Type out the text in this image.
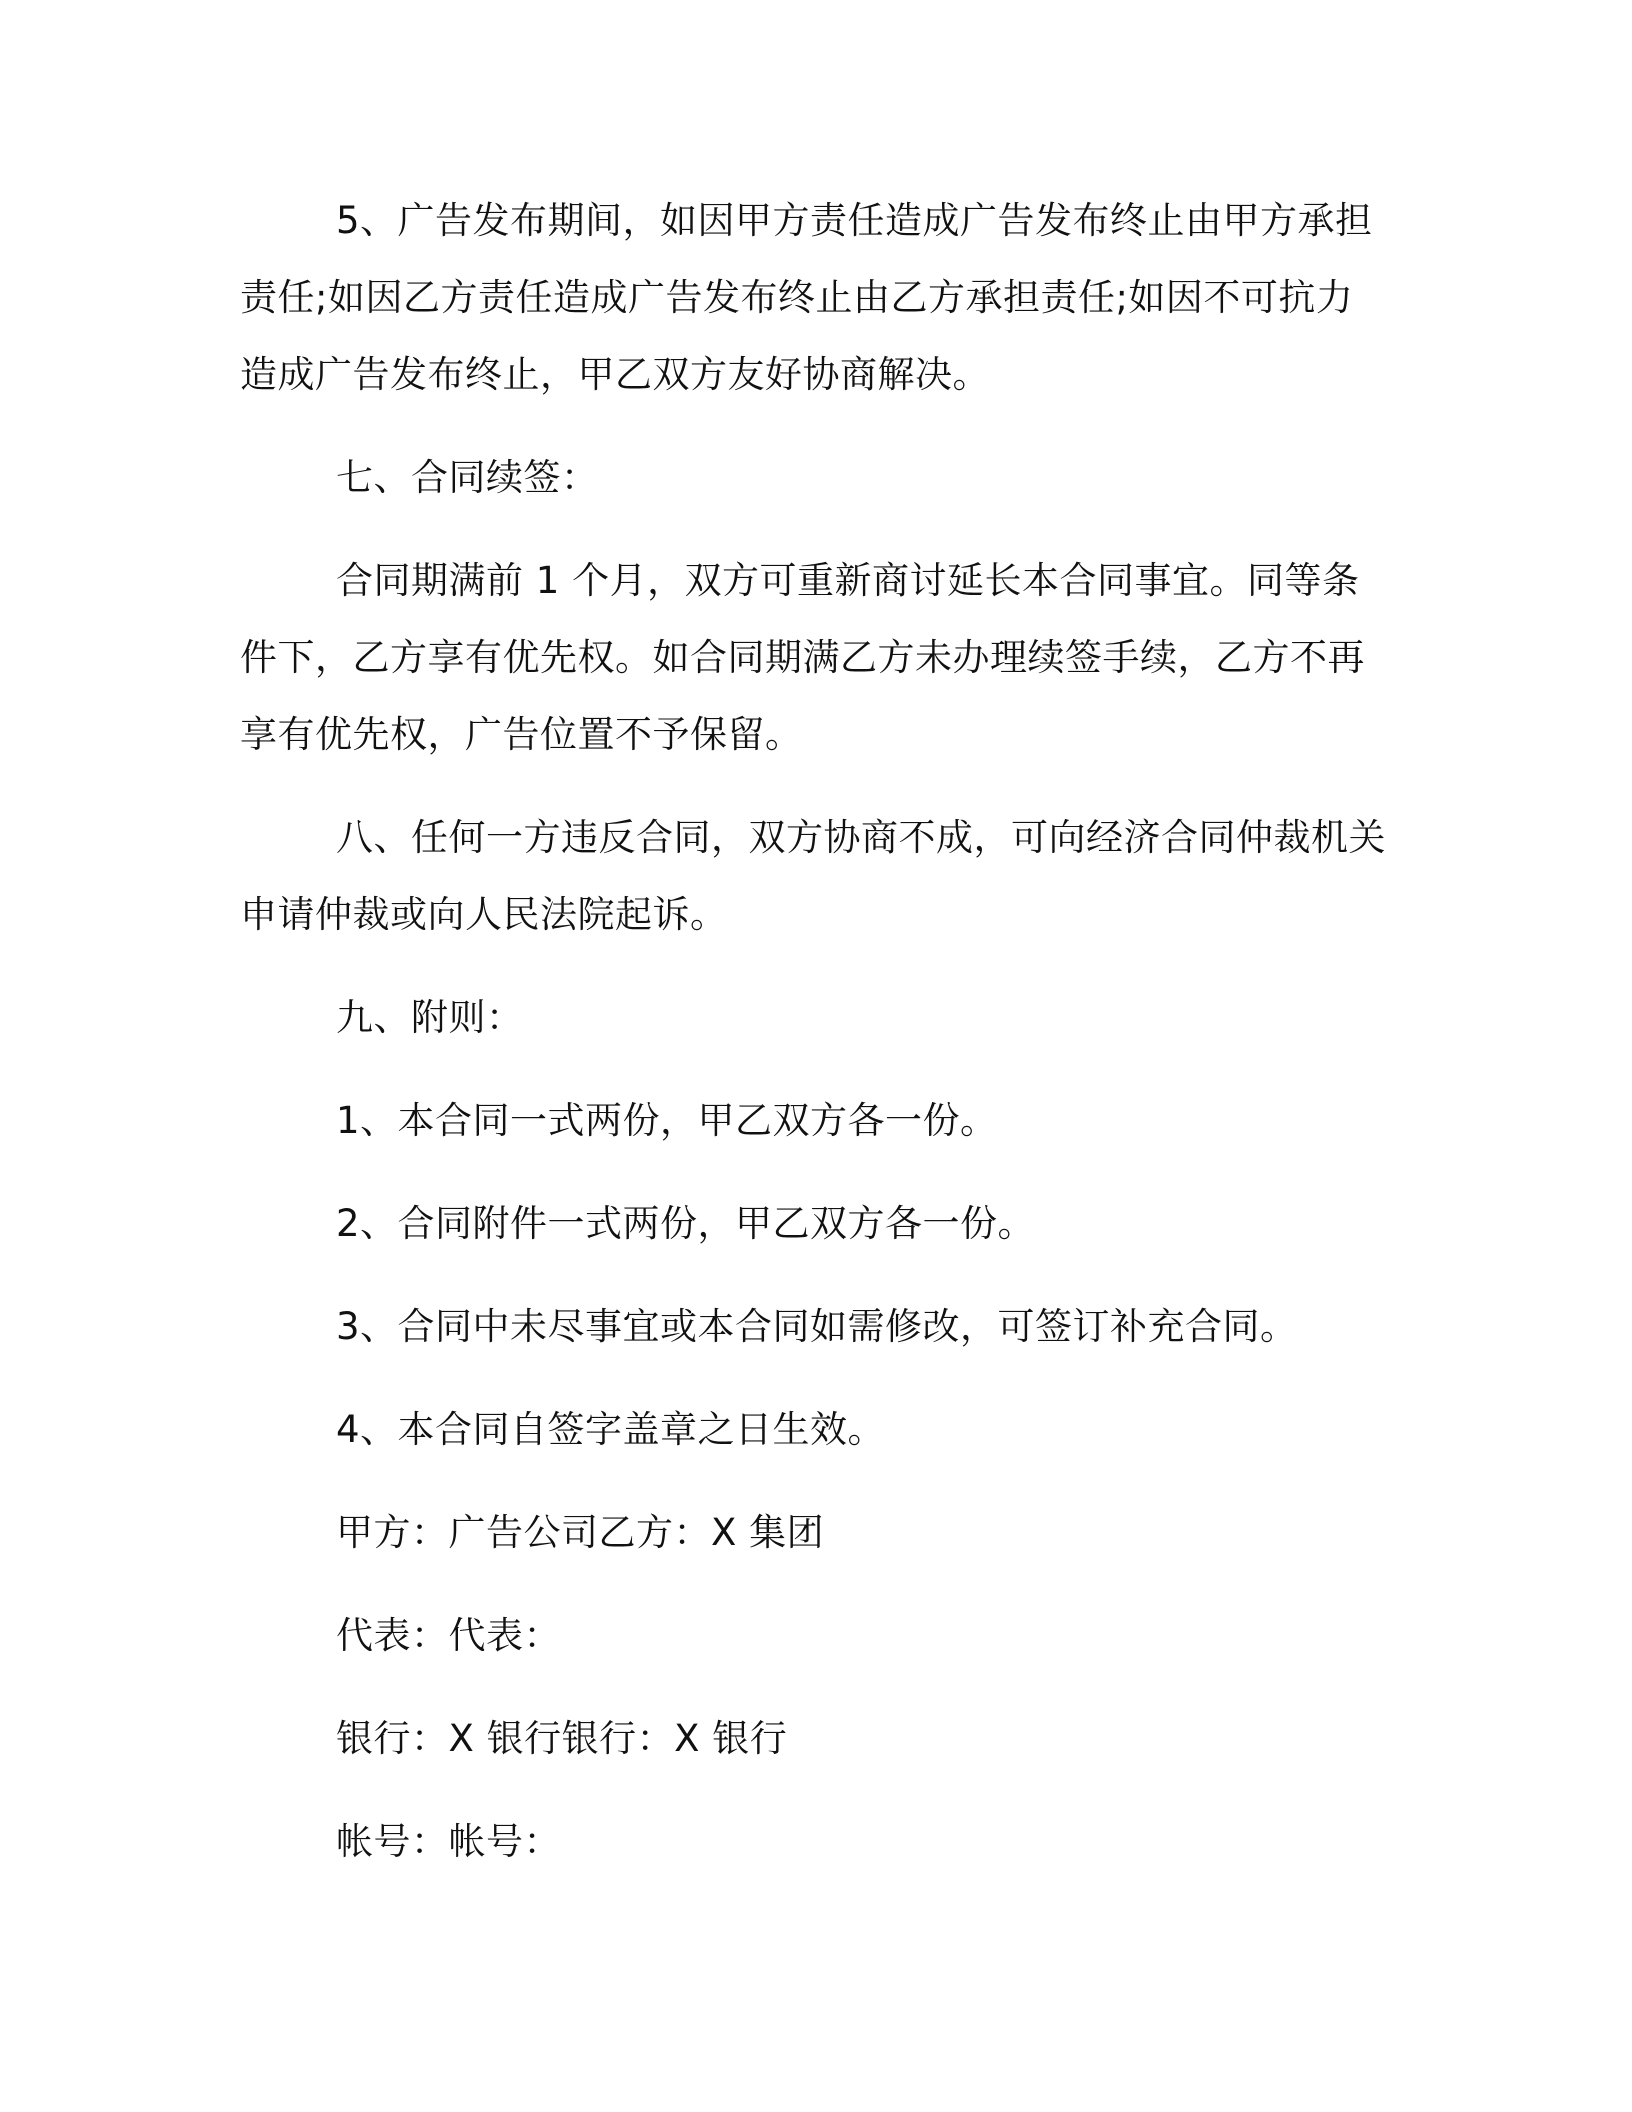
5、广告发布期间，如因甲方责任造成广告发布终止由甲方承担责任;如因乙方责任造成广告发布终止由乙方承担责任;如因不可抗力造成广告发布终止，甲乙双方友好协商解决。

七、合同续签：

合同期满前 1 个月，双方可重新商讨延长本合同事宜。同等条件下，乙方享有优先权。如合同期满乙方未办理续签手续，乙方不再享有优先权，广告位置不予保留。

八、任何一方违反合同，双方协商不成，可向经济合同仲裁机关申请仲裁或向人民法院起诉。

九、附则：

1、本合同一式两份，甲乙双方各一份。

2、合同附件一式两份，甲乙双方各一份。

3、合同中未尽事宜或本合同如需修改，可签订补充合同。

4、本合同自签字盖章之日生效。

甲方：广告公司乙方：X 集团

代表：代表：

银行：X 银行银行：X 银行

帐号：帐号：
